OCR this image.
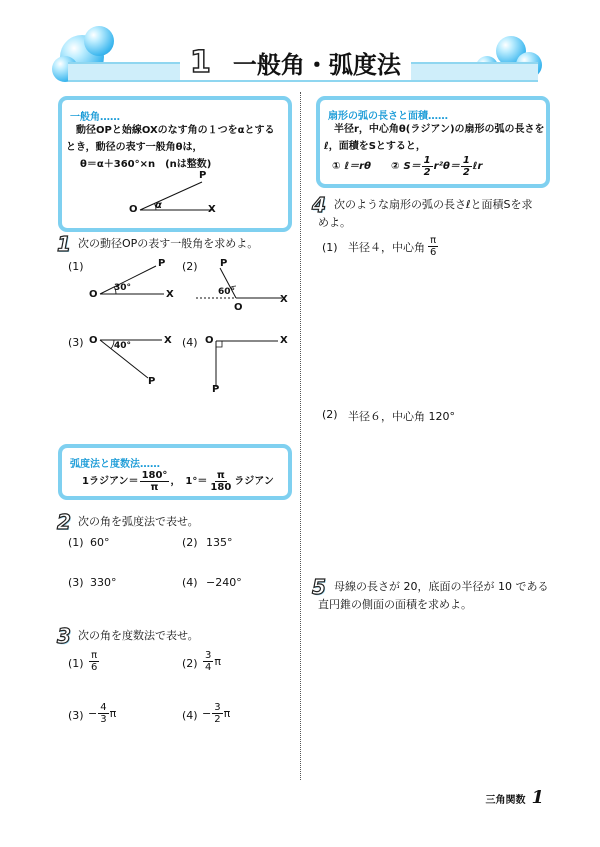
1 一般角・弧度法
一般角……
動径OPと始線OXのなす角の１つをαとする
とき，動径の表す一般角θは，
θ＝α＋360°×n　(nは整数)
P
O	X
α
1 次の動径OPの表す一般角を求めよ。
(1)	P
O	X
30°
(2) P
O
X
60°
(3) O	X
P
40°	(4) O	X
P
弧度法と度数法……
1ラジアン＝ $\frac{180^\circ}{\pi}$ ，　$1^\circ= \frac{\pi}{180}$ ラジアン
2 次の角を弧度法で表せ。
(1) 60°	(2) 135°
(3) 330°	(4) −240°
3 次の角を度数法で表せ。
$(1) \frac{\pi}{6}$	$(2) \frac{3}{4}$ π
$(3) - \frac{4}{3}$ π	$(4) - \frac{3}{2}$ π
扇形の弧の長さと面積……
半径r，中心角θ(ラジアン)の扇形の弧の長さを
ℓ，面積をSとすると，
① ℓ＝rθ ② $S= \frac{1}{2} r^2\theta= \frac{1}{2}$ ℓr
4 次のような扇形の弧の長さℓと面積Sを求
めよ。
(1) 半径４，中心角 $\frac{\pi}{6}$
(2) 半径６，中心角 120°
5 母線の長さが 20，底面の半径が 10 である
直円錐の側面の面積を求めよ。
三角関数 1
